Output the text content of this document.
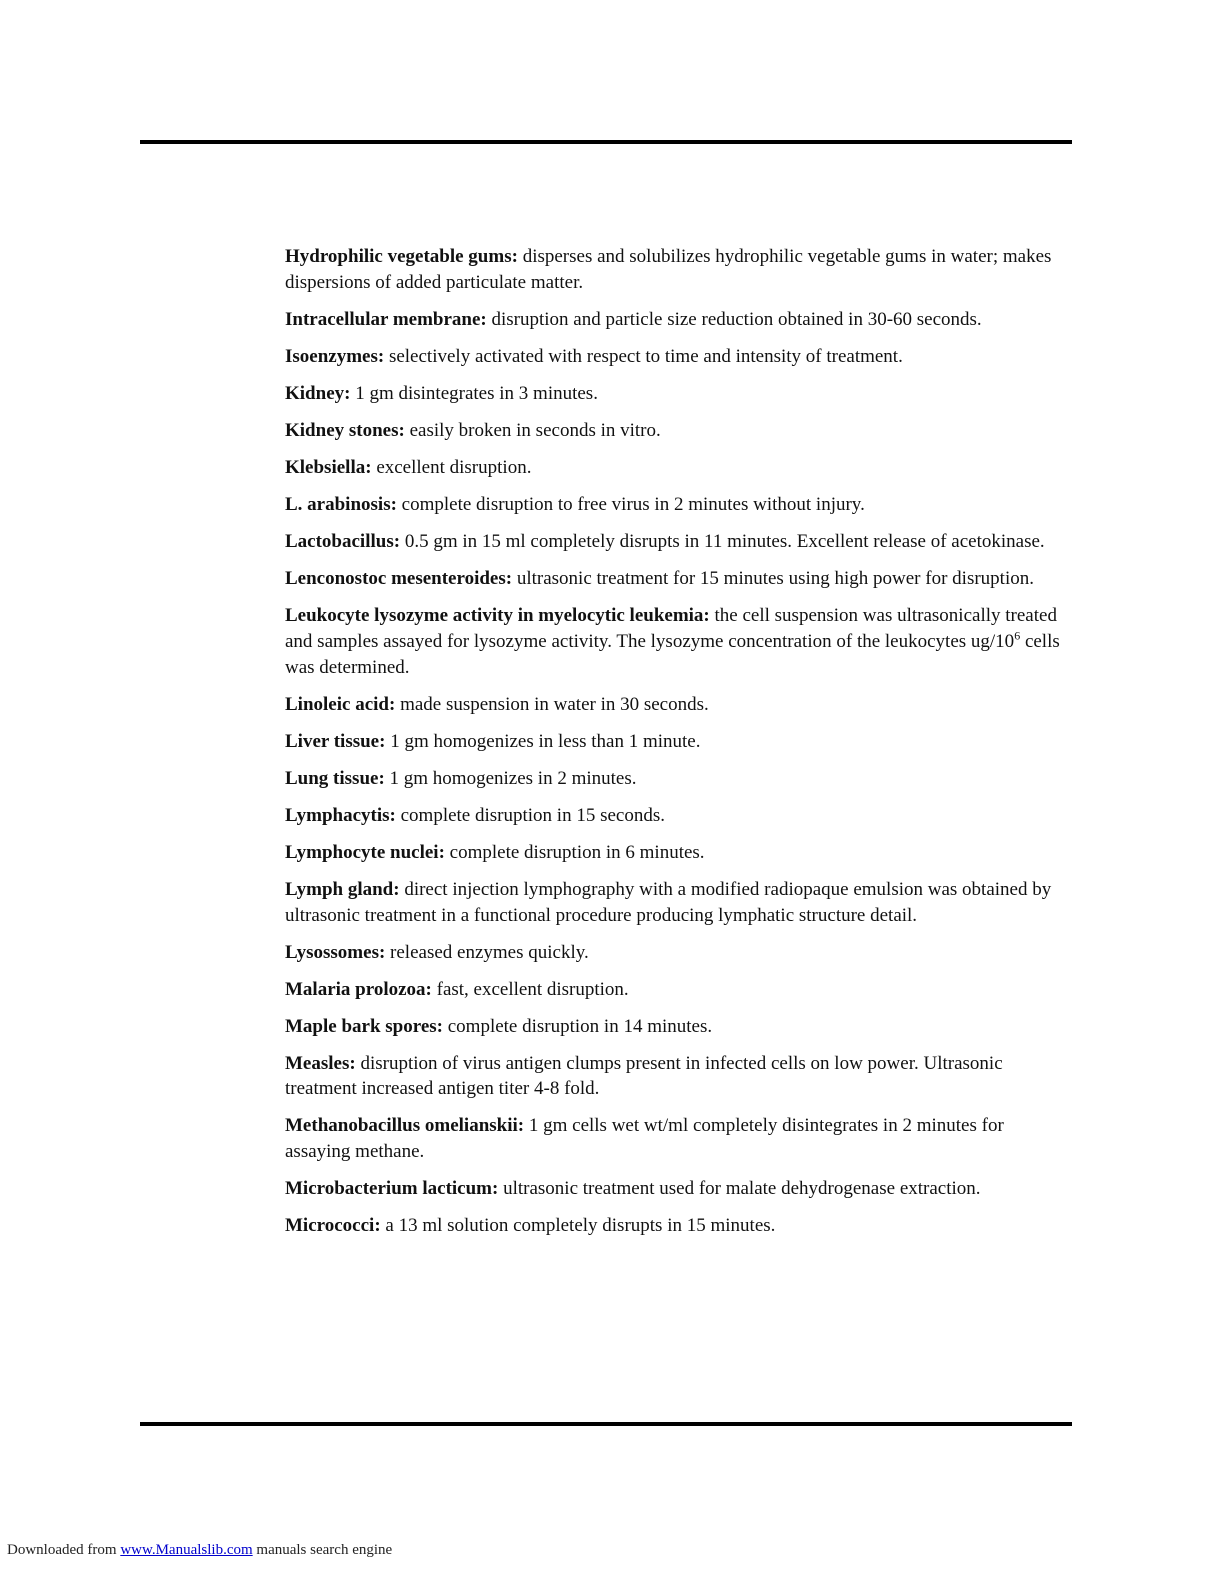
Hydrophilic vegetable gums: disperses and solubilizes hydrophilic vegetable gums in water; makes dispersions of added particulate matter.

Intracellular membrane: disruption and particle size reduction obtained in 30-60 seconds.

Isoenzymes: selectively activated with respect to time and intensity of treatment.

Kidney: 1 gm disintegrates in 3 minutes.

Kidney stones: easily broken in seconds in vitro.

Klebsiella: excellent disruption.

L. arabinosis: complete disruption to free virus in 2 minutes without injury.

Lactobacillus: 0.5 gm in 15 ml completely disrupts in 11 minutes. Excellent release of acetokinase.

Lenconostoc mesenteroides: ultrasonic treatment for 15 minutes using high power for disruption.

Leukocyte lysozyme activity in myelocytic leukemia: the cell suspension was ultrasonically treated and samples assayed for lysozyme activity. The lysozyme concentration of the leukocytes $ug/10^6$ cells was determined.

Linoleic acid: made suspension in water in 30 seconds.

Liver tissue: 1 gm homogenizes in less than 1 minute.

Lung tissue: 1 gm homogenizes in 2 minutes.

Lymphacytis: complete disruption in 15 seconds.

Lymphocyte nuclei: complete disruption in 6 minutes.

Lymph gland: direct injection lymphography with a modified radiopaque emulsion was obtained by ultrasonic treatment in a functional procedure producing lymphatic structure detail.

Lysossomes: released enzymes quickly.

Malaria prolozoa: fast, excellent disruption.

Maple bark spores: complete disruption in 14 minutes.

Measles: disruption of virus antigen clumps present in infected cells on low power. Ultrasonic treatment increased antigen titer 4-8 fold.

Methanobacillus omelianskii: 1 gm cells wet wt/ml completely disintegrates in 2 minutes for assaying methane.

Microbacterium lacticum: ultrasonic treatment used for malate dehydrogenase extraction.

Micrococci: a 13 ml solution completely disrupts in 15 minutes.

Downloaded from www.Manualslib.com manuals search engine
